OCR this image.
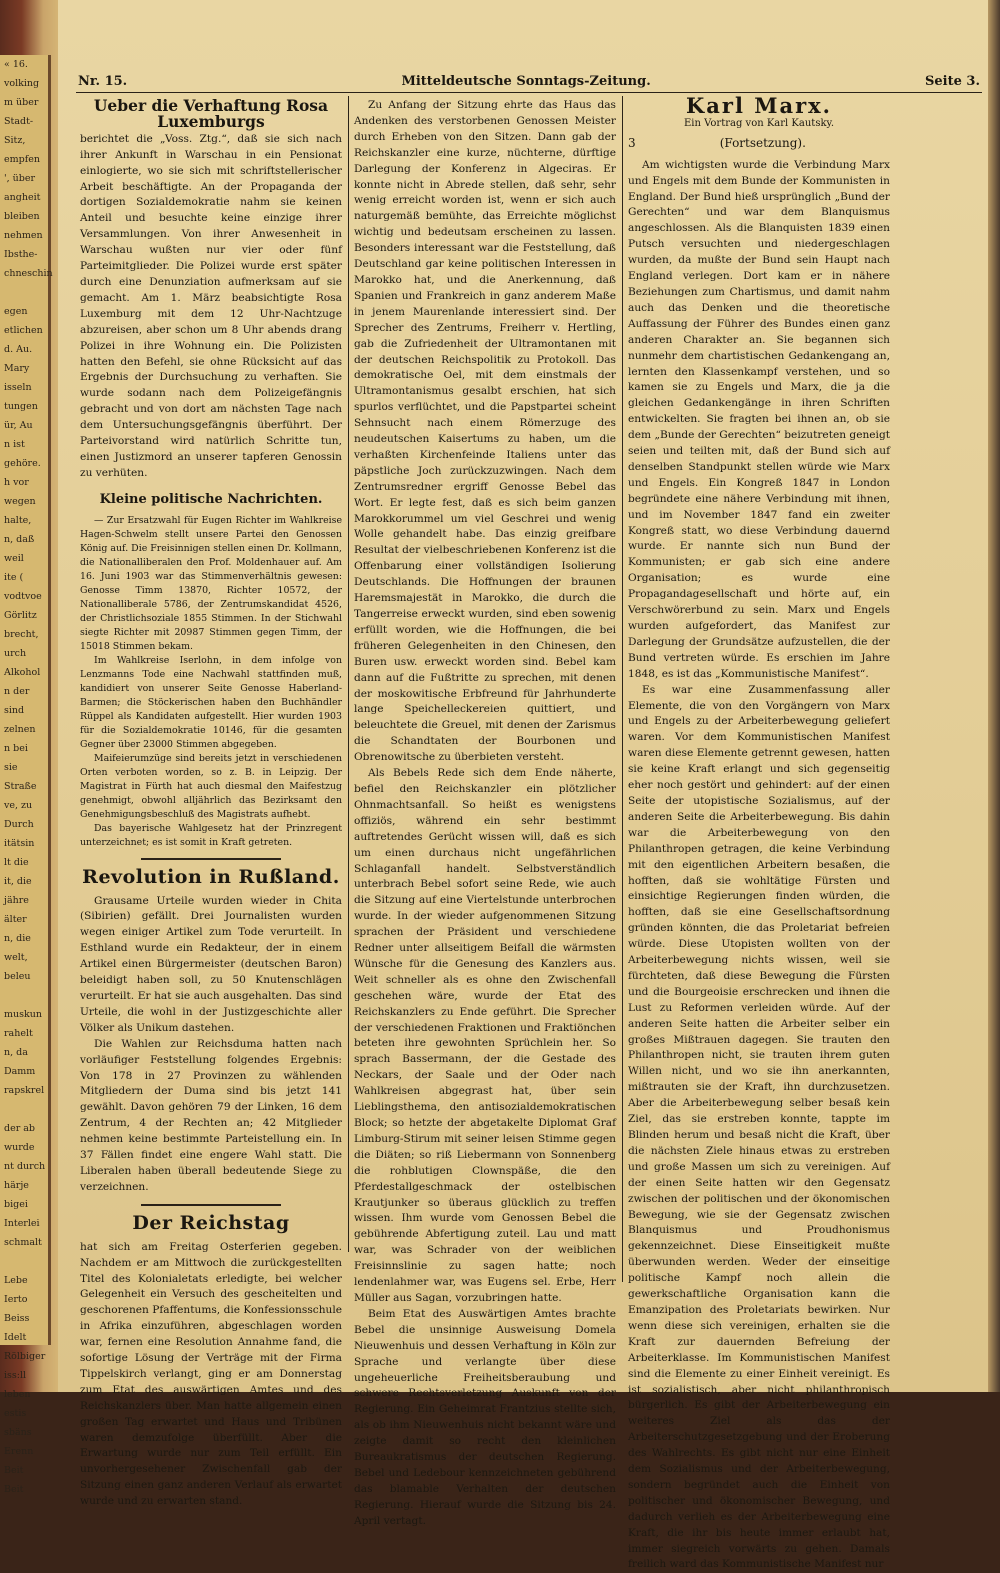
« 16.
volking
m über
Stadt-
Sitz,
empfen
', über
angheit
bleiben
nehmen
Ibsthe-
chneschin

egen
etlichen
d. Au.
Mary
isseln
tungen
ür, Au
n ist
gehöre.
h vor
wegen
halte,
n, daß
weil
ite (
vodtvoe
Görlitz
brecht,
urch
Alkohol
n der
sind
zelnen
n bei
sie
Straße
ve, zu
Durch
itätsin
lt die
it, die
jähre
älter
n, die
welt,
beleu

muskun
rahelt
n, da
Damm
rapskrel

der ab
wurde
nt durch
härje
bigei
Interlei
schmalt

Lebe
Ierto
Beiss
Idelt
Rölbiger
iss:ll
leben
estis
sbäns
Erenn
Beit
Beit
Nr. 15.	Mitteldeutsche Sonntags-Zeitung.	Seite 3.
Ueber die Verhaftung Rosa Luxemburgs

berichtet die „Voss. Ztg.“, daß sie sich nach ihrer Ankunft in Warschau in ein Pensionat einlogierte, wo sie sich mit schriftstellerischer Arbeit beschäftigte. An der Propaganda der dortigen Sozialdemokratie nahm sie keinen Anteil und besuchte keine einzige ihrer Versammlungen. Von ihrer Anwesenheit in Warschau wußten nur vier oder fünf Parteimitglieder. Die Polizei wurde erst später durch eine Denunziation aufmerksam auf sie gemacht. Am 1. März beabsichtigte Rosa Luxemburg mit dem 12 Uhr-Nachtzuge abzureisen, aber schon um 8 Uhr abends drang Polizei in ihre Wohnung ein. Die Polizisten hatten den Befehl, sie ohne Rücksicht auf das Ergebnis der Durchsuchung zu verhaften. Sie wurde sodann nach dem Polizeigefängnis gebracht und von dort am nächsten Tage nach dem Untersuchungsgefängnis überführt. Der Parteivorstand wird natürlich Schritte tun, einen Justizmord an unserer tapferen Genossin zu verhüten.

Kleine politische Nachrichten.

— Zur Ersatzwahl für Eugen Richter im Wahlkreise Hagen-Schwelm stellt unsere Partei den Genossen König auf. Die Freisinnigen stellen einen Dr. Kollmann, die Nationalliberalen den Prof. Moldenhauer auf. Am 16. Juni 1903 war das Stimmenverhältnis gewesen: Genosse Timm 13870, Richter 10572, der Nationalliberale 5786, der Zentrumskandidat 4526, der Christlichsoziale 1855 Stimmen. In der Stichwahl siegte Richter mit 20987 Stimmen gegen Timm, der 15018 Stimmen bekam.

Im Wahlkreise Iserlohn, in dem infolge von Lenzmanns Tode eine Nachwahl stattfinden muß, kandidiert von unserer Seite Genosse Haberland-Barmen; die Stöckerischen haben den Buchhändler Rüppel als Kandidaten aufgestellt. Hier wurden 1903 für die Sozialdemokratie 10146, für die gesamten Gegner über 23000 Stimmen abgegeben.

Maifeierumzüge sind bereits jetzt in verschiedenen Orten verboten worden, so z. B. in Leipzig. Der Magistrat in Fürth hat auch diesmal den Maifestzug genehmigt, obwohl alljährlich das Bezirksamt den Genehmigungsbeschluß des Magistrats aufhebt.

Das bayerische Wahlgesetz hat der Prinzregent unterzeichnet; es ist somit in Kraft getreten.

Revolution in Rußland.

Grausame Urteile wurden wieder in Chita (Sibirien) gefällt. Drei Journalisten wurden wegen einiger Artikel zum Tode verurteilt. In Esthland wurde ein Redakteur, der in einem Artikel einen Bürgermeister (deutschen Baron) beleidigt haben soll, zu 50 Knutenschlägen verurteilt. Er hat sie auch ausgehalten. Das sind Urteile, die wohl in der Justizgeschichte aller Völker als Unikum dastehen.

Die Wahlen zur Reichsduma hatten nach vorläufiger Feststellung folgendes Ergebnis: Von 178 in 27 Provinzen zu wählenden Mitgliedern der Duma sind bis jetzt 141 gewählt. Davon gehören 79 der Linken, 16 dem Zentrum, 4 der Rechten an; 42 Mitglieder nehmen keine bestimmte Parteistellung ein. In 37 Fällen findet eine engere Wahl statt. Die Liberalen haben überall bedeutende Siege zu verzeichnen.

Der Reichstag

hat sich am Freitag Osterferien gegeben. Nachdem er am Mittwoch die zurückgestellten Titel des Kolonialetats erledigte, bei welcher Gelegenheit ein Versuch des gescheitelten und geschorenen Pfaffentums, die Konfessionsschule in Afrika einzuführen, abgeschlagen worden war, fernen eine Resolution Annahme fand, die sofortige Lösung der Verträge mit der Firma Tippelskirch verlangt, ging er am Donnerstag zum Etat des auswärtigen Amtes und des Reichskanzlers über. Man hatte allgemein einen großen Tag erwartet und Haus und Tribünen waren demzufolge überfüllt. Aber die Erwartung wurde nur zum Teil erfüllt. Ein unvorhergesehener Zwischenfall gab der Sitzung einen ganz anderen Verlauf als erwartet wurde und zu erwarten stand.

Zu Anfang der Sitzung ehrte das Haus das Andenken des verstorbenen Genossen Meister durch Erheben von den Sitzen. Dann gab der Reichskanzler eine kurze, nüchterne, dürftige Darlegung der Konferenz in Algeciras. Er konnte nicht in Abrede stellen, daß sehr, sehr wenig erreicht worden ist, wenn er sich auch naturgemäß bemühte, das Erreichte möglichst wichtig und bedeutsam erscheinen zu lassen. Besonders interessant war die Feststellung, daß Deutschland gar keine politischen Interessen in Marokko hat, und die Anerkennung, daß Spanien und Frankreich in ganz anderem Maße in jenem Maurenlande interessiert sind. Der Sprecher des Zentrums, Freiherr v. Hertling, gab die Zufriedenheit der Ultramontanen mit der deutschen Reichspolitik zu Protokoll. Das demokratische Oel, mit dem einstmals der Ultramontanismus gesalbt erschien, hat sich spurlos verflüchtet, und die Papstpartei scheint Sehnsucht nach einem Römerzuge des neudeutschen Kaisertums zu haben, um die verhaßten Kirchenfeinde Italiens unter das päpstliche Joch zurückzuzwingen. Nach dem Zentrumsredner ergriff Genosse Bebel das Wort. Er legte fest, daß es sich beim ganzen Marokkorummel um viel Geschrei und wenig Wolle gehandelt habe. Das einzig greifbare Resultat der vielbeschriebenen Konferenz ist die Offenbarung einer vollständigen Isolierung Deutschlands. Die Hoffnungen der braunen Haremsmajestät in Marokko, die durch die Tangerreise erweckt wurden, sind eben sowenig erfüllt worden, wie die Hoffnungen, die bei früheren Gelegenheiten in den Chinesen, den Buren usw. erweckt worden sind. Bebel kam dann auf die Fußtritte zu sprechen, mit denen der moskowitische Erbfreund für Jahrhunderte lange Speichelleckereien quittiert, und beleuchtete die Greuel, mit denen der Zarismus die Schandtaten der Bourbonen und Obrenowitsche zu überbieten versteht.

Als Bebels Rede sich dem Ende näherte, befiel den Reichskanzler ein plötzlicher Ohnmachtsanfall. So heißt es wenigstens offiziös, während ein sehr bestimmt auftretendes Gerücht wissen will, daß es sich um einen durchaus nicht ungefährlichen Schlaganfall handelt. Selbstverständlich unterbrach Bebel sofort seine Rede, wie auch die Sitzung auf eine Viertelstunde unterbrochen wurde. In der wieder aufgenommenen Sitzung sprachen der Präsident und verschiedene Redner unter allseitigem Beifall die wärmsten Wünsche für die Genesung des Kanzlers aus. Weit schneller als es ohne den Zwischenfall geschehen wäre, wurde der Etat des Reichskanzlers zu Ende geführt. Die Sprecher der verschiedenen Fraktionen und Fraktiönchen beteten ihre gewohnten Sprüchlein her. So sprach Bassermann, der die Gestade des Neckars, der Saale und der Oder nach Wahlkreisen abgegrast hat, über sein Lieblingsthema, den antisozialdemokratischen Block; so hetzte der abgetakelte Diplomat Graf Limburg-Stirum mit seiner leisen Stimme gegen die Diäten; so riß Liebermann von Sonnenberg die rohblutigen Clownspäße, die den Pferdestallgeschmack der ostelbischen Krautjunker so überaus glücklich zu treffen wissen. Ihm wurde vom Genossen Bebel die gebührende Abfertigung zuteil. Lau und matt war, was Schrader von der weiblichen Freisinnslinie zu sagen hatte; noch lendenlahmer war, was Eugens sel. Erbe, Herr Müller aus Sagan, vorzubringen hatte.

Beim Etat des Auswärtigen Amtes brachte Bebel die unsinnige Ausweisung Domela Nieuwenhuis und dessen Verhaftung in Köln zur Sprache und verlangte über diese ungeheuerliche Freiheitsberaubung und schwere Rechtsverletzung Auskunft von der Regierung. Ein Geheimrat Frantzius stellte sich, als ob ihm Nieuwenhuis nicht bekannt wäre und zeigte damit so recht den kleinlichen Bureaukratismus der deutschen Regierung. Bebel und Ledebour kennzeichneten gebührend das blamable Verhalten der deutschen Regierung. Hierauf wurde die Sitzung bis 24. April vertagt.

Karl Marx.

Ein Vortrag von Karl Kautsky.

3	(Fortsetzung).

Am wichtigsten wurde die Verbindung Marx und Engels mit dem Bunde der Kommunisten in England. Der Bund hieß ursprünglich „Bund der Gerechten“ und war dem Blanquismus angeschlossen. Als die Blanquisten 1839 einen Putsch versuchten und niedergeschlagen wurden, da mußte der Bund sein Haupt nach England verlegen. Dort kam er in nähere Beziehungen zum Chartismus, und damit nahm auch das Denken und die theoretische Auffassung der Führer des Bundes einen ganz anderen Charakter an. Sie begannen sich nunmehr dem chartistischen Gedankengang an, lernten den Klassenkampf verstehen, und so kamen sie zu Engels und Marx, die ja die gleichen Gedankengänge in ihren Schriften entwickelten. Sie fragten bei ihnen an, ob sie dem „Bunde der Gerechten“ beizutreten geneigt seien und teilten mit, daß der Bund sich auf denselben Standpunkt stellen würde wie Marx und Engels. Ein Kongreß 1847 in London begründete eine nähere Verbindung mit ihnen, und im November 1847 fand ein zweiter Kongreß statt, wo diese Verbindung dauernd wurde. Er nannte sich nun Bund der Kommunisten; er gab sich eine andere Organisation; es wurde eine Propagandagesellschaft und hörte auf, ein Verschwörerbund zu sein. Marx und Engels wurden aufgefordert, das Manifest zur Darlegung der Grundsätze aufzustellen, die der Bund vertreten würde. Es erschien im Jahre 1848, es ist das „Kommunistische Manifest“.

Es war eine Zusammenfassung aller Elemente, die von den Vorgängern von Marx und Engels zu der Arbeiterbewegung geliefert waren. Vor dem Kommunistischen Manifest waren diese Elemente getrennt gewesen, hatten sie keine Kraft erlangt und sich gegenseitig eher noch gestört und gehindert: auf der einen Seite der utopistische Sozialismus, auf der anderen Seite die Arbeiterbewegung. Bis dahin war die Arbeiterbewegung von den Philanthropen getragen, die keine Verbindung mit den eigentlichen Arbeitern besaßen, die hofften, daß sie wohltätige Fürsten und einsichtige Regierungen finden würden, die hofften, daß sie eine Gesellschaftsordnung gründen könnten, die das Proletariat befreien würde. Diese Utopisten wollten von der Arbeiterbewegung nichts wissen, weil sie fürchteten, daß diese Bewegung die Fürsten und die Bourgeoisie erschrecken und ihnen die Lust zu Reformen verleiden würde. Auf der anderen Seite hatten die Arbeiter selber ein großes Mißtrauen dagegen. Sie trauten den Philanthropen nicht, sie trauten ihrem guten Willen nicht, und wo sie ihn anerkannten, mißtrauten sie der Kraft, ihn durchzusetzen. Aber die Arbeiterbewegung selber besaß kein Ziel, das sie erstreben konnte, tappte im Blinden herum und besaß nicht die Kraft, über die nächsten Ziele hinaus etwas zu erstreben und große Massen um sich zu vereinigen. Auf der einen Seite hatten wir den Gegensatz zwischen der politischen und der ökonomischen Bewegung, wie sie der Gegensatz zwischen Blanquismus und Proudhonismus gekennzeichnet. Diese Einseitigkeit mußte überwunden werden. Weder der einseitige politische Kampf noch allein die gewerkschaftliche Organisation kann die Emanzipation des Proletariats bewirken. Nur wenn diese sich vereinigen, erhalten sie die Kraft zur dauernden Befreiung der Arbeiterklasse. Im Kommunistischen Manifest sind die Elemente zu einer Einheit vereinigt. Es ist sozialistisch, aber nicht philanthropisch bürgerlich. Es gibt der Arbeiterbewegung ein weiteres Ziel als das der Arbeiterschutzgesetzgebung und der Eroberung des Wahlrechts. Es gibt nicht nur eine Einheit dem Sozialismus und der Arbeiterbewegung, sondern begründet auch die Einheit von politischer und ökonomischer Bewegung, und dadurch verlieh es der Arbeiterbewegung eine Kraft, die ihr bis heute immer erlaubt hat, immer siegreich vorwärts zu gehen. Damals freilich ward das Kommunistische Manifest nur
